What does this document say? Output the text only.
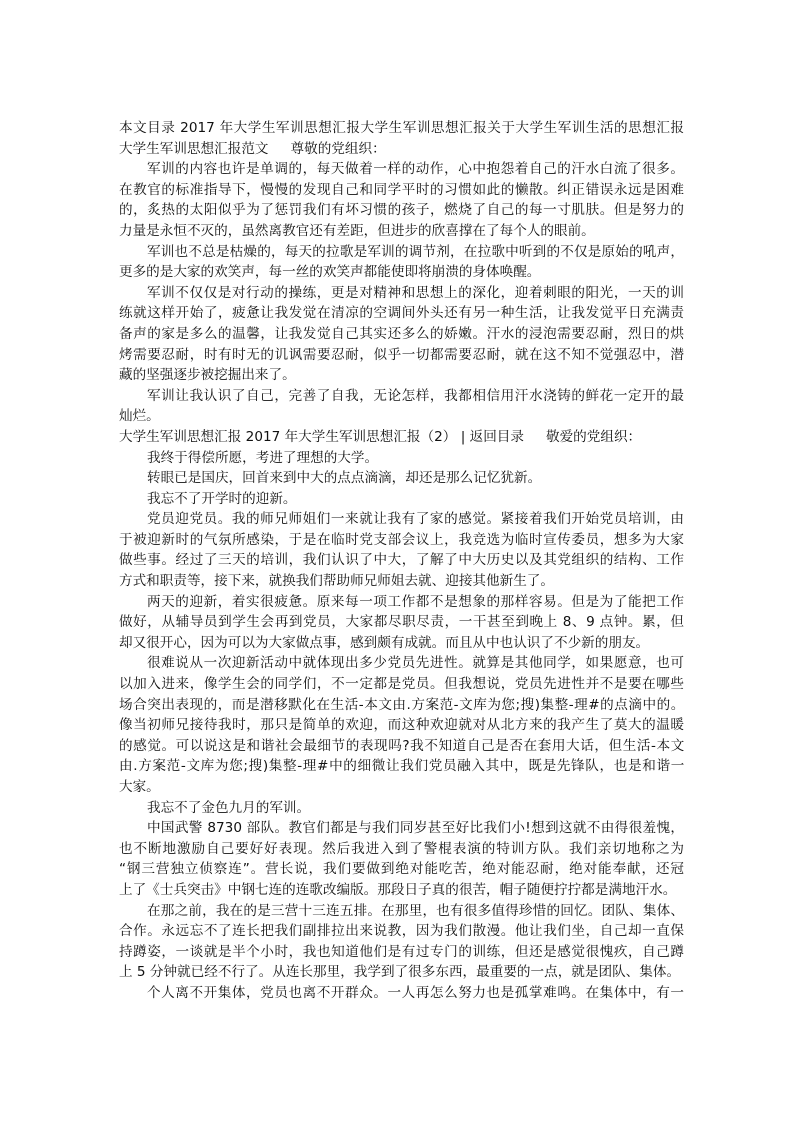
本文目录 2017 年大学生军训思想汇报大学生军训思想汇报关于大学生军训生活的思想汇报
大学生军训思想汇报范文 尊敬的党组织：
军训的内容也许是单调的，每天做着一样的动作，心中抱怨着自己的汗水白流了很多。
在教官的标准指导下，慢慢的发现自己和同学平时的习惯如此的懒散。纠正错误永远是困难
的，炙热的太阳似乎为了惩罚我们有坏习惯的孩子，燃烧了自己的每一寸肌肤。但是努力的
力量是永恒不灭的，虽然离教官还有差距，但进步的欣喜撑在了每个人的眼前。
军训也不总是枯燥的，每天的拉歌是军训的调节剂，在拉歌中听到的不仅是原始的吼声，
更多的是大家的欢笑声，每一丝的欢笑声都能使即将崩溃的身体唤醒。
军训不仅仅是对行动的操练，更是对精神和思想上的深化，迎着刺眼的阳光，一天的训
练就这样开始了，疲惫让我发觉在清凉的空调间外头还有另一种生活，让我发觉平日充满责
备声的家是多么的温馨，让我发觉自己其实还多么的娇嫩。汗水的浸泡需要忍耐，烈日的烘
烤需要忍耐，时有时无的讥讽需要忍耐，似乎一切都需要忍耐，就在这不知不觉强忍中，潜
藏的坚强逐步被挖掘出来了。
军训让我认识了自己，完善了自我，无论怎样，我都相信用汗水浇铸的鲜花一定开的最
灿烂。
大学生军训思想汇报 2017 年大学生军训思想汇报（2） | 返回目录 敬爱的党组织：
我终于得偿所愿，考进了理想的大学。
转眼已是国庆，回首来到中大的点点滴滴，却还是那么记忆犹新。
我忘不了开学时的迎新。
党员迎党员。我的师兄师姐们一来就让我有了家的感觉。紧接着我们开始党员培训，由
于被迎新时的气氛所感染，于是在临时党支部会议上，我竞选为临时宣传委员，想多为大家
做些事。经过了三天的培训，我们认识了中大，了解了中大历史以及其党组织的结构、工作
方式和职责等，接下来，就换我们帮助师兄师姐去就、迎接其他新生了。
两天的迎新，着实很疲惫。原来每一项工作都不是想象的那样容易。但是为了能把工作
做好，从辅导员到学生会再到党员，大家都尽职尽责，一干甚至到晚上 8、9 点钟。累，但
却又很开心，因为可以为大家做点事，感到颇有成就。而且从中也认识了不少新的朋友。
很难说从一次迎新活动中就体现出多少党员先进性。就算是其他同学，如果愿意，也可
以加入进来，像学生会的同学们，不一定都是党员。但我想说，党员先进性并不是要在哪些
场合突出表现的，而是潜移默化在生活-本文由.方案范-文库为您;搜)集整-理#的点滴中的。
像当初师兄接待我时，那只是简单的欢迎，而这种欢迎就对从北方来的我产生了莫大的温暖
的感觉。可以说这是和谐社会最细节的表现吗?我不知道自己是否在套用大话，但生活-本文
由.方案范-文库为您;搜)集整-理#中的细微让我们党员融入其中，既是先锋队，也是和谐一
大家。
我忘不了金色九月的军训。
中国武警 8730 部队。教官们都是与我们同岁甚至好比我们小!想到这就不由得很羞愧，
也不断地激励自己要好好表现。然后我进入到了警棍表演的特训方队。我们亲切地称之为
“钢三营独立侦察连”。营长说，我们要做到绝对能吃苦，绝对能忍耐，绝对能奉献，还冠
上了《士兵突击》中钢七连的连歌改编版。那段日子真的很苦，帽子随便拧拧都是满地汗水。
在那之前，我在的是三营十三连五排。在那里，也有很多值得珍惜的回忆。团队、集体、
合作。永远忘不了连长把我们副排拉出来说教，因为我们散漫。他让我们坐，自己却一直保
持蹲姿，一谈就是半个小时，我也知道他们是有过专门的训练，但还是感觉很愧疚，自己蹲
上 5 分钟就已经不行了。从连长那里，我学到了很多东西，最重要的一点，就是团队、集体。
个人离不开集体，党员也离不开群众。一人再怎么努力也是孤掌难鸣。在集体中，有一
